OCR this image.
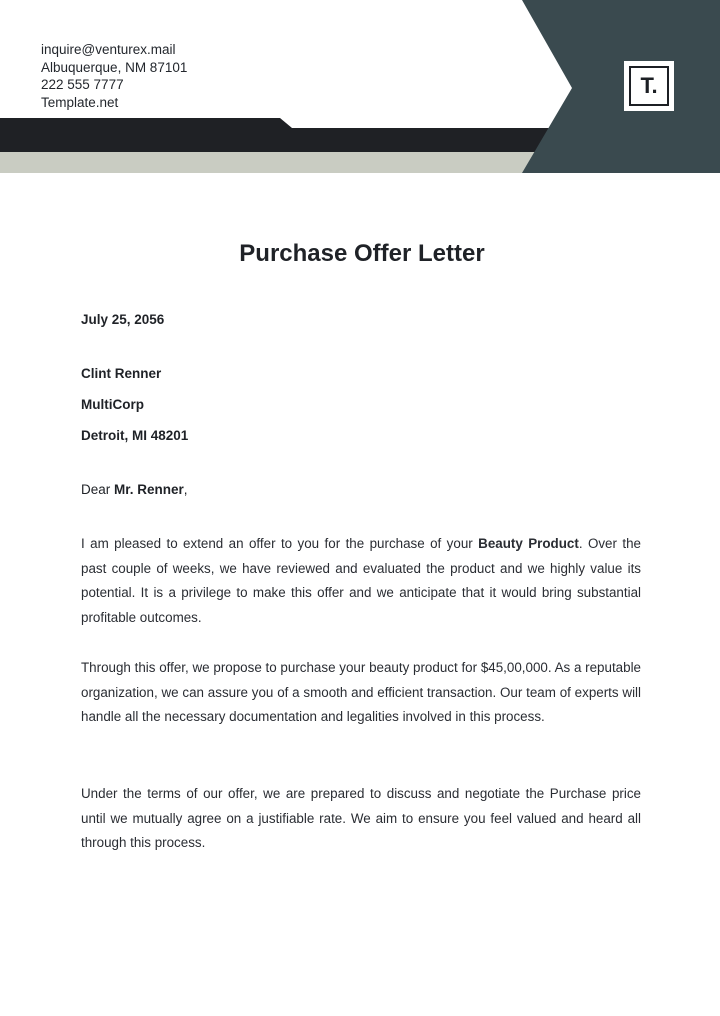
inquire@venturex.mail
Albuquerque, NM 87101
222 555 7777
Template.net
T.
Purchase Offer Letter
July 25, 2056
Clint Renner
MultiCorp
Detroit, MI 48201
Dear Mr. Renner,
I am pleased to extend an offer to you for the purchase of your Beauty Product. Over the past couple of weeks, we have reviewed and evaluated the product and we highly value its potential. It is a privilege to make this offer and we anticipate that it would bring substantial profitable outcomes.
Through this offer, we propose to purchase your beauty product for $45,00,000. As a reputable organization, we can assure you of a smooth and efficient transaction. Our team of experts will handle all the necessary documentation and legalities involved in this process.
Under the terms of our offer, we are prepared to discuss and negotiate the Purchase price until we mutually agree on a justifiable rate. We aim to ensure you feel valued and heard all through this process.
